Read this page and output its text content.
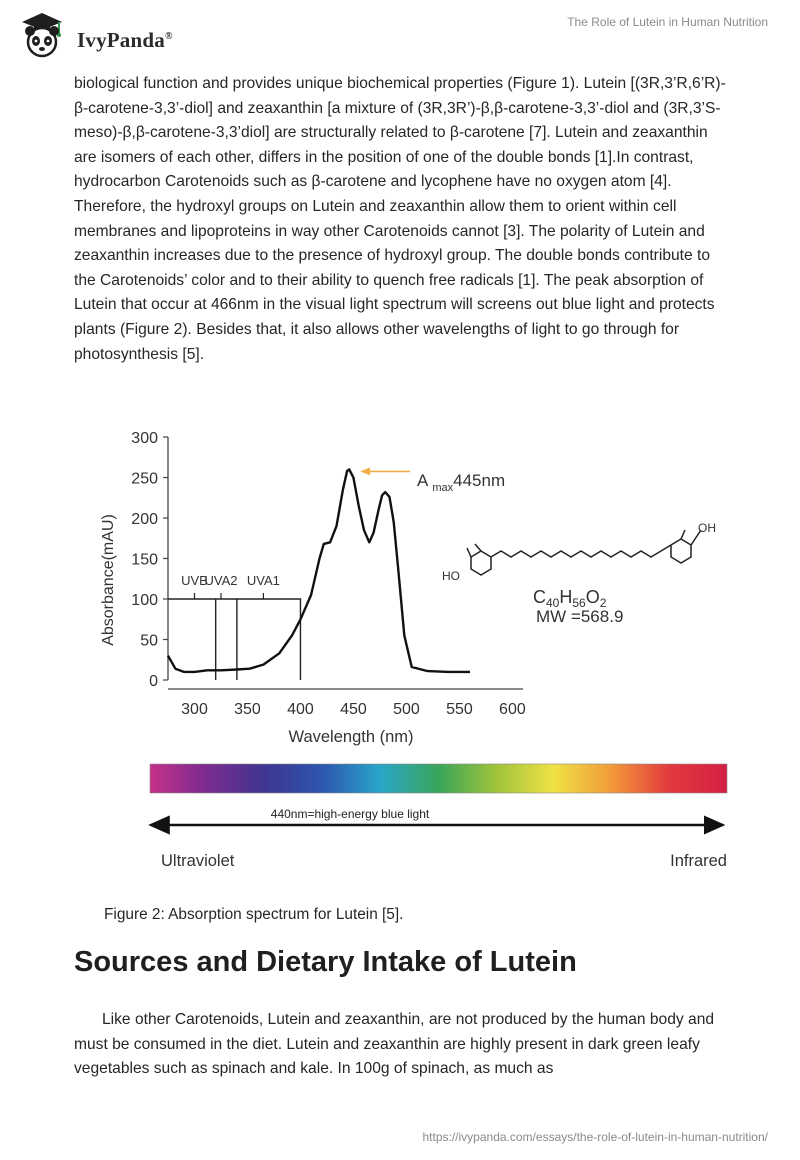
IvyPanda®
The Role of Lutein in Human Nutrition
biological function and provides unique biochemical properties (Figure 1). Lutein [(3R,3’R,6’R)-β-carotene-3,3’-diol] and zeaxanthin [a mixture of (3R,3R’)-β,β-carotene-3,3’-diol and (3R,3’S-meso)-β,β-carotene-3,3’diol] are structurally related to β-carotene [7]. Lutein and zeaxanthin are isomers of each other, differs in the position of one of the double bonds [1].In contrast, hydrocarbon Carotenoids such as β-carotene and lycophene have no oxygen atom [4]. Therefore, the hydroxyl groups on Lutein and zeaxanthin allow them to orient within cell membranes and lipoproteins in way other Carotenoids cannot [3]. The polarity of Lutein and zeaxanthin increases due to the presence of hydroxyl group. The double bonds contribute to the Carotenoids’ color and to their ability to quench free radicals [1]. The peak absorption of Lutein that occur at 466nm in the visual light spectrum will screens out blue light and protects plants (Figure 2). Besides that, it also allows other wavelengths of light to go through for photosynthesis [5].
Absorbance(mAU)
Wavelength (nm)
0
50
100
150
200
250
300
300 350 400 450 500 550 600
UVB
UVA2 UVA1
A $_{max}$445nm
OH
HO
$C_{40}H_{56}O_2$
MW =568.9
440nm=high-energy blue light
Ultraviolet	Infrared
Figure 2: Absorption spectrum for Lutein [5].
Sources and Dietary Intake of Lutein
Like other Carotenoids, Lutein and zeaxanthin, are not produced by the human body and must be consumed in the diet. Lutein and zeaxanthin are highly present in dark green leafy vegetables such as spinach and kale. In 100g of spinach, as much as
https://ivypanda.com/essays/the-role-of-lutein-in-human-nutrition/
